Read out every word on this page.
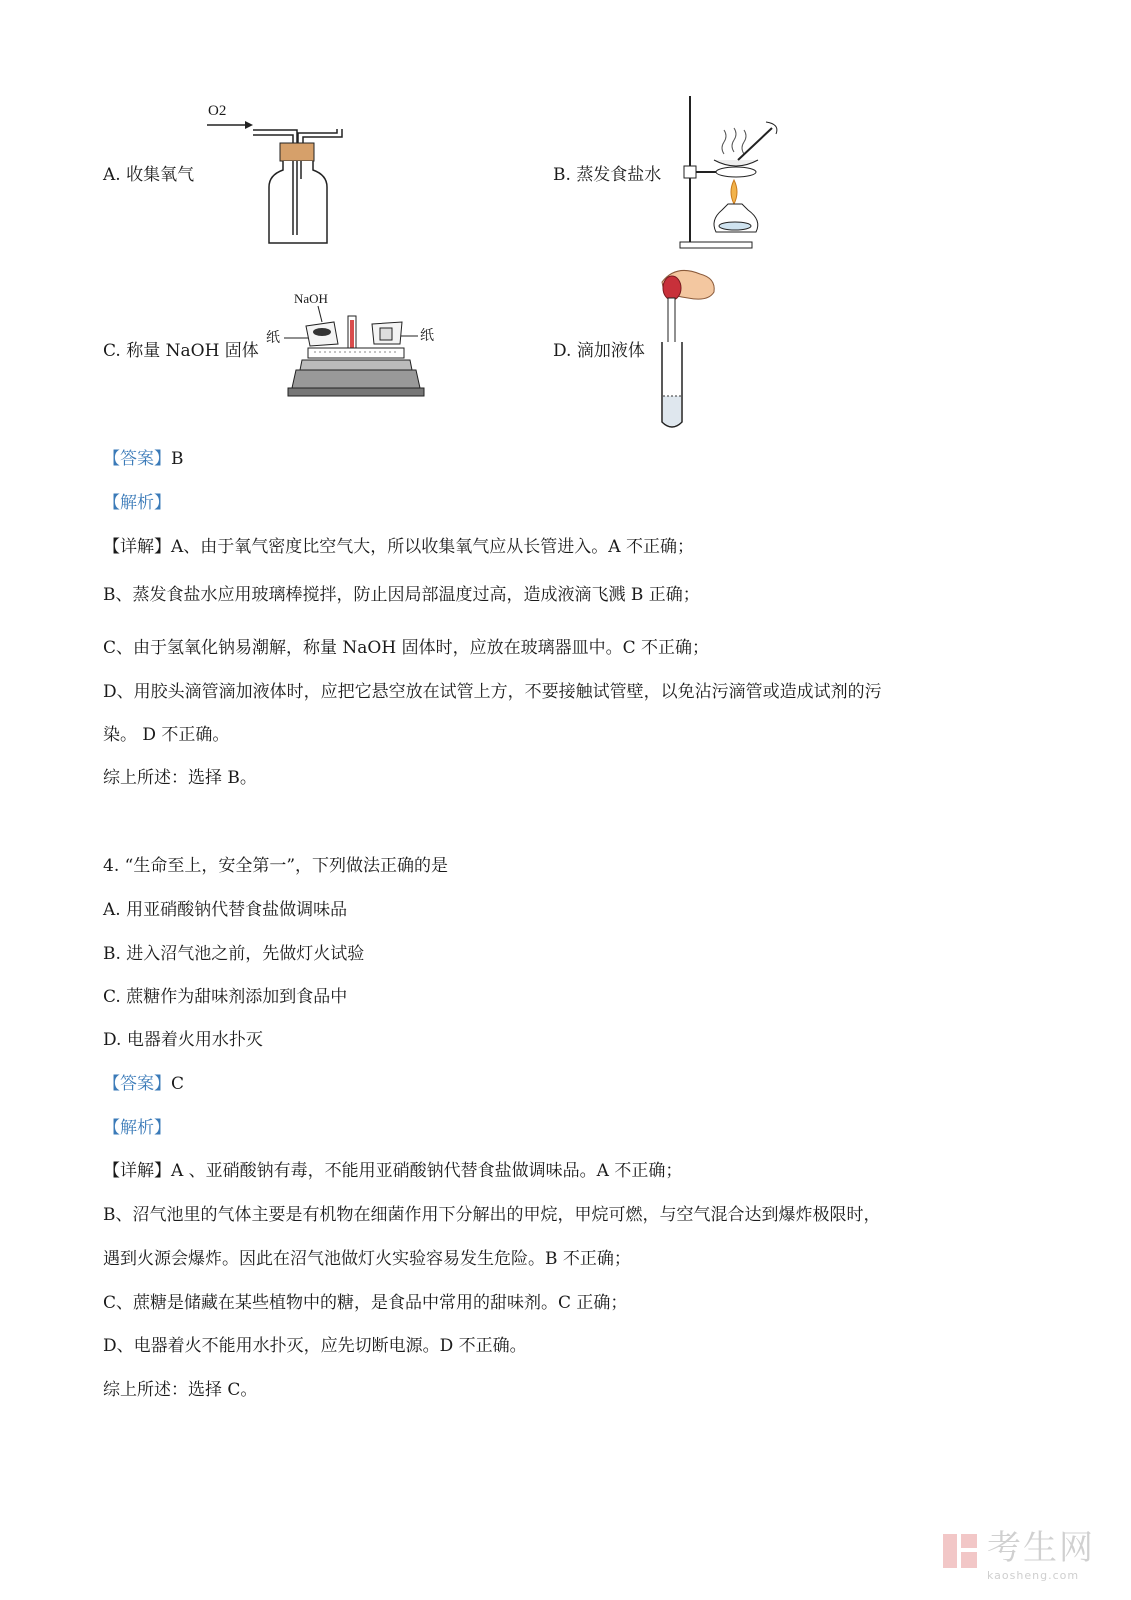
A. 收集氧气
O2
B. 蒸发食盐水
C. 称量 NaOH 固体
NaOH
纸	纸
D. 滴加液体
【答案】B
【解析】
【详解】A、由于氧气密度比空气大，所以收集氧气应从长管进入。A 不正确；
B、蒸发食盐水应用玻璃棒搅拌，防止因局部温度过高，造成液滴飞溅 B 正确；
C、由于氢氧化钠易潮解，称量 NaOH 固体时，应放在玻璃器皿中。C 不正确；
D、用胶头滴管滴加液体时，应把它悬空放在试管上方，不要接触试管壁，以免沾污滴管或造成试剂的污
染。 D 不正确。
综上所述：选择 B。
4. “生命至上，安全第一”，下列做法正确的是
A. 用亚硝酸钠代替食盐做调味品
B. 进入沼气池之前，先做灯火试验
C. 蔗糖作为甜味剂添加到食品中
D. 电器着火用水扑灭
【答案】C
【解析】
【详解】A 、亚硝酸钠有毒，不能用亚硝酸钠代替食盐做调味品。A 不正确；
B、沼气池里的气体主要是有机物在细菌作用下分解出的甲烷，甲烷可燃，与空气混合达到爆炸极限时，
遇到火源会爆炸。因此在沼气池做灯火实验容易发生危险。B 不正确；
C、蔗糖是储藏在某些植物中的糖，是食品中常用的甜味剂。C 正确；
D、电器着火不能用水扑灭，应先切断电源。D 不正确。
综上所述：选择 C。
考生网
kaosheng.com
